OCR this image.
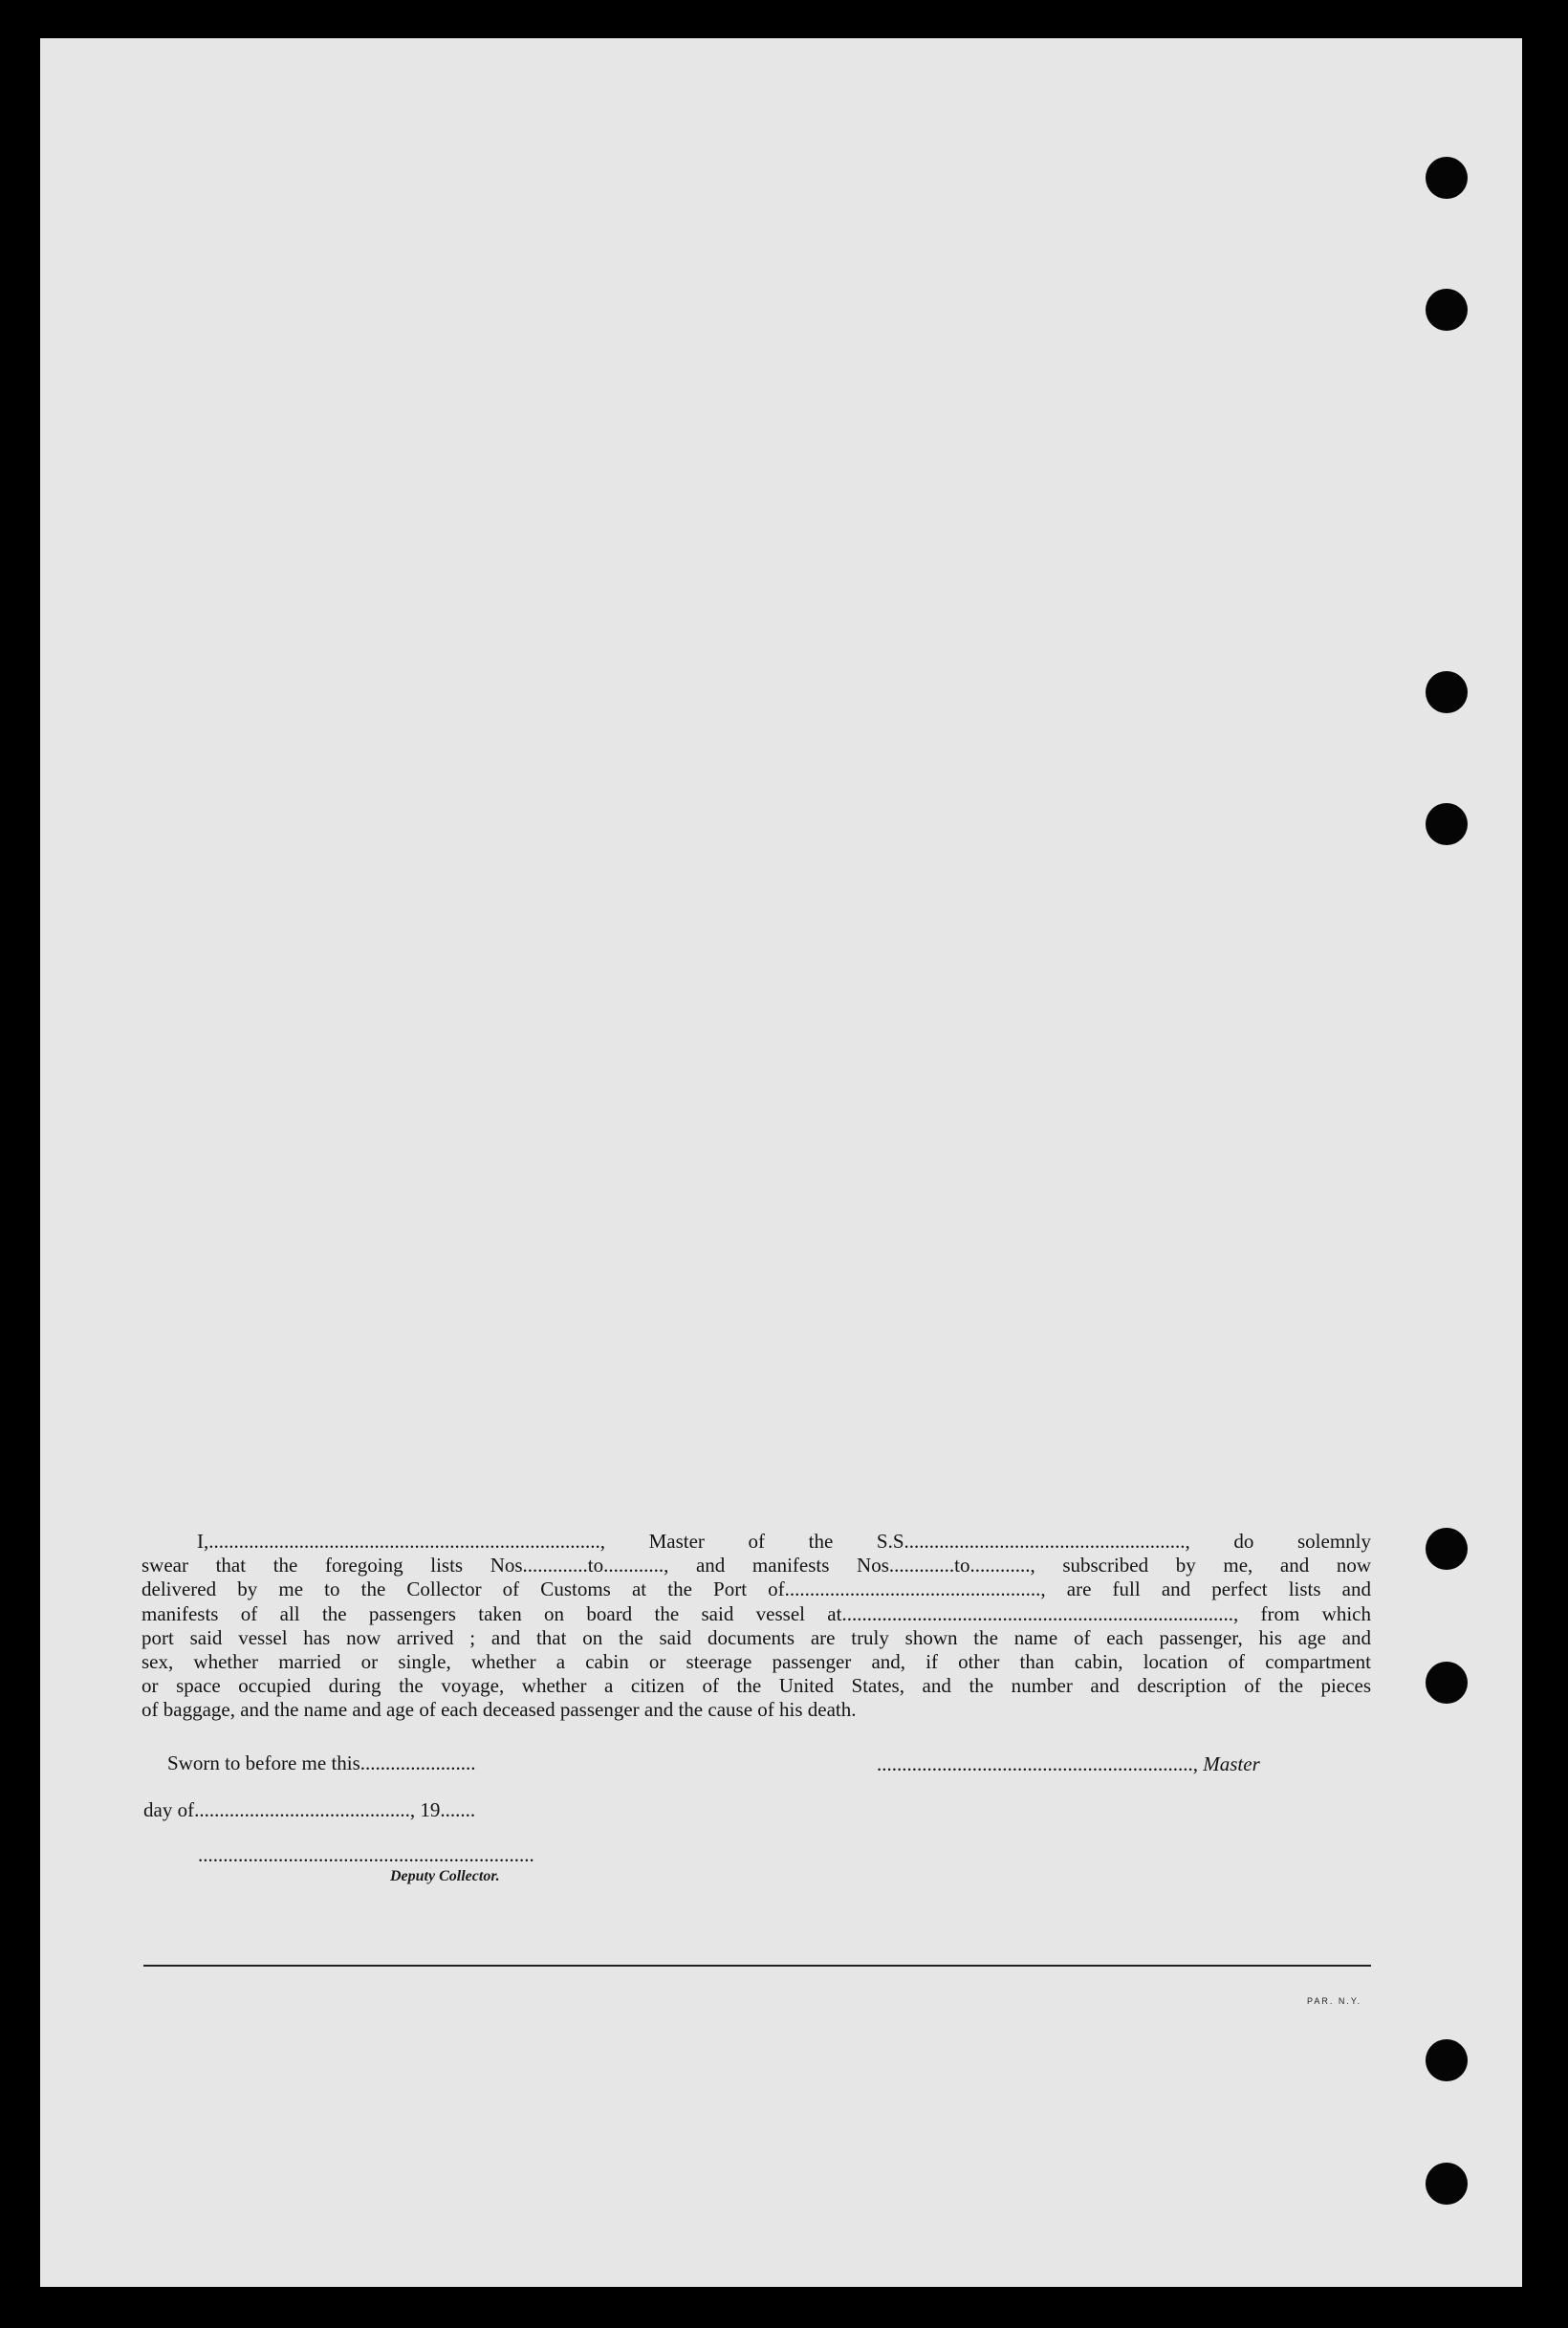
I,.............................................................................., Master of the S.S........................................................, do solemnly
swear that the foregoing lists Nos.............to............, and manifests Nos.............to............, subscribed by me, and now
delivered by me to the Collector of Customs at the Port of..................................................., are full and perfect lists and
manifests of all the passengers taken on board the said vessel at.............................................................................., from which
port said vessel has now arrived ; and that on the said documents are truly shown the name of each passenger, his age and
sex, whether married or single, whether a cabin or steerage passenger and, if other than cabin, location of compartment
or space occupied during the voyage, whether a citizen of the United States, and the number and description of the pieces
of baggage, and the name and age of each deceased passenger and the cause of his death.
Sworn to before me this.......................	..............................................................., Master
day of..........................................., 19.......
...................................................................
Deputy Collector.
PAR. N.Y.
